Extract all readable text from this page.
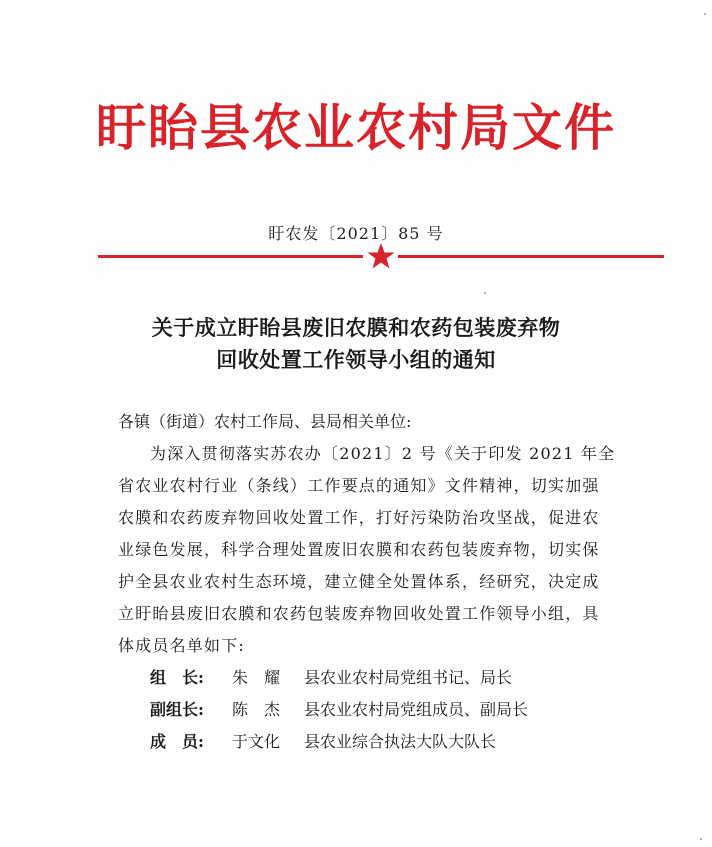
盱眙县农业农村局文件
盱农发〔2021〕85 号
关于成立盱眙县废旧农膜和农药包装废弃物
回收处置工作领导小组的通知
各镇（街道）农村工作局、县局相关单位:
为深入贯彻落实苏农办〔2021〕2 号《关于印发 2021 年全
省农业农村行业（条线）工作要点的通知》文件精神，切实加强
农膜和农药废弃物回收处置工作，打好污染防治攻坚战，促进农
业绿色发展，科学合理处置废旧农膜和农药包装废弃物，切实保
护全县农业农村生态环境，建立健全处置体系，经研究，决定成
立盱眙县废旧农膜和农药包装废弃物回收处置工作领导小组，具
体成员名单如下:
组　长: 朱　耀 县农业农村局党组书记、局长
副组长: 陈　杰 县农业农村局党组成员、副局长
成　员: 于文化 县农业综合执法大队大队长
